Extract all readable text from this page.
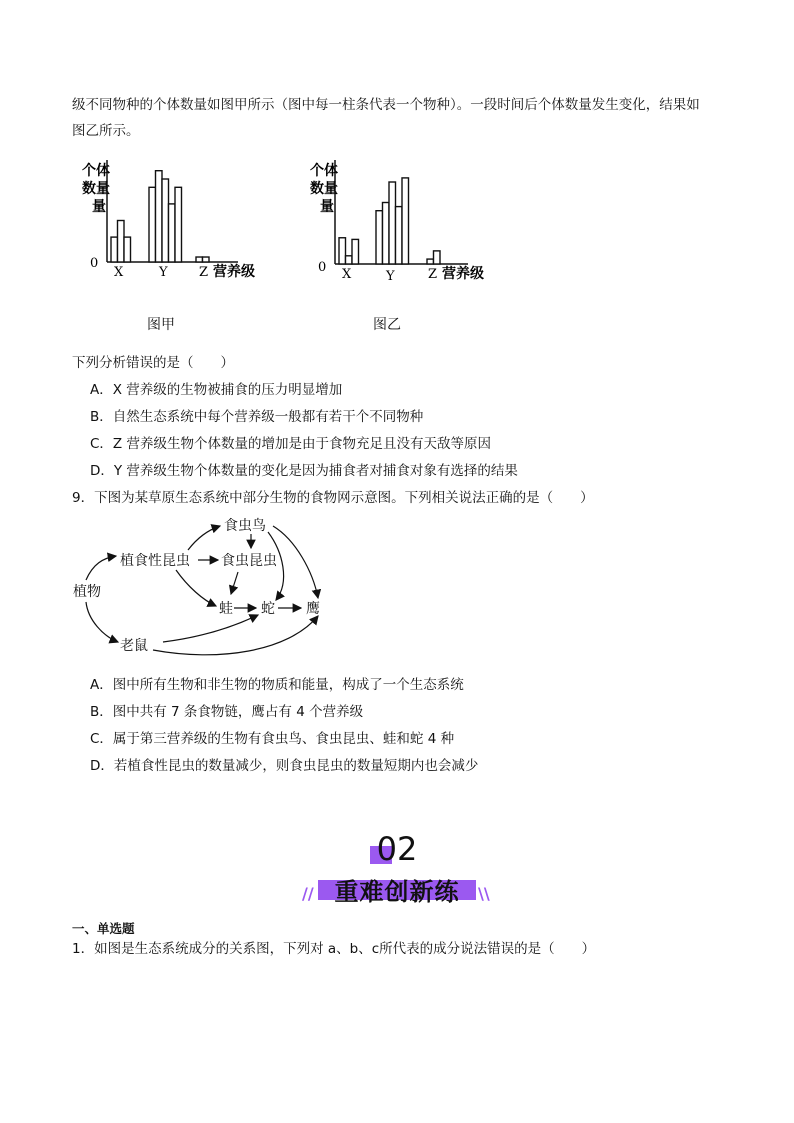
级不同物种的个体数量如图甲所示（图中每一柱条代表一个物种）。一段时间后个体数量发生变化，结果如
图乙所示。
个体
数量
量
0
X	Y Z 营养级
图甲
个体
数量
量
0 X	Y	Z 营养级
图乙
下列分析错误的是（　　）
A．X 营养级的生物被捕食的压力明显增加
B．自然生态系统中每个营养级一般都有若干个不同物种
C．Z 营养级生物个体数量的增加是由于食物充足且没有天敌等原因
D．Y 营养级生物个体数量的变化是因为捕食者对捕食对象有选择的结果
9．下图为某草原生态系统中部分生物的食物网示意图。下列相关说法正确的是（　　）
植物
植食性昆虫
食虫鸟
食虫昆虫
蛙 蛇 鹰
老鼠
A．图中所有生物和非生物的物质和能量，构成了一个生态系统
B．图中共有 7 条食物链，鹰占有 4 个营养级
C．属于第三营养级的生物有食虫鸟、食虫昆虫、蛙和蛇 4 种
D．若植食性昆虫的数量减少，则食虫昆虫的数量短期内也会减少
02
重难创新练
//	\\
一、单选题
1．如图是生态系统成分的关系图，下列对 a、b、c所代表的成分说法错误的是（　　）
